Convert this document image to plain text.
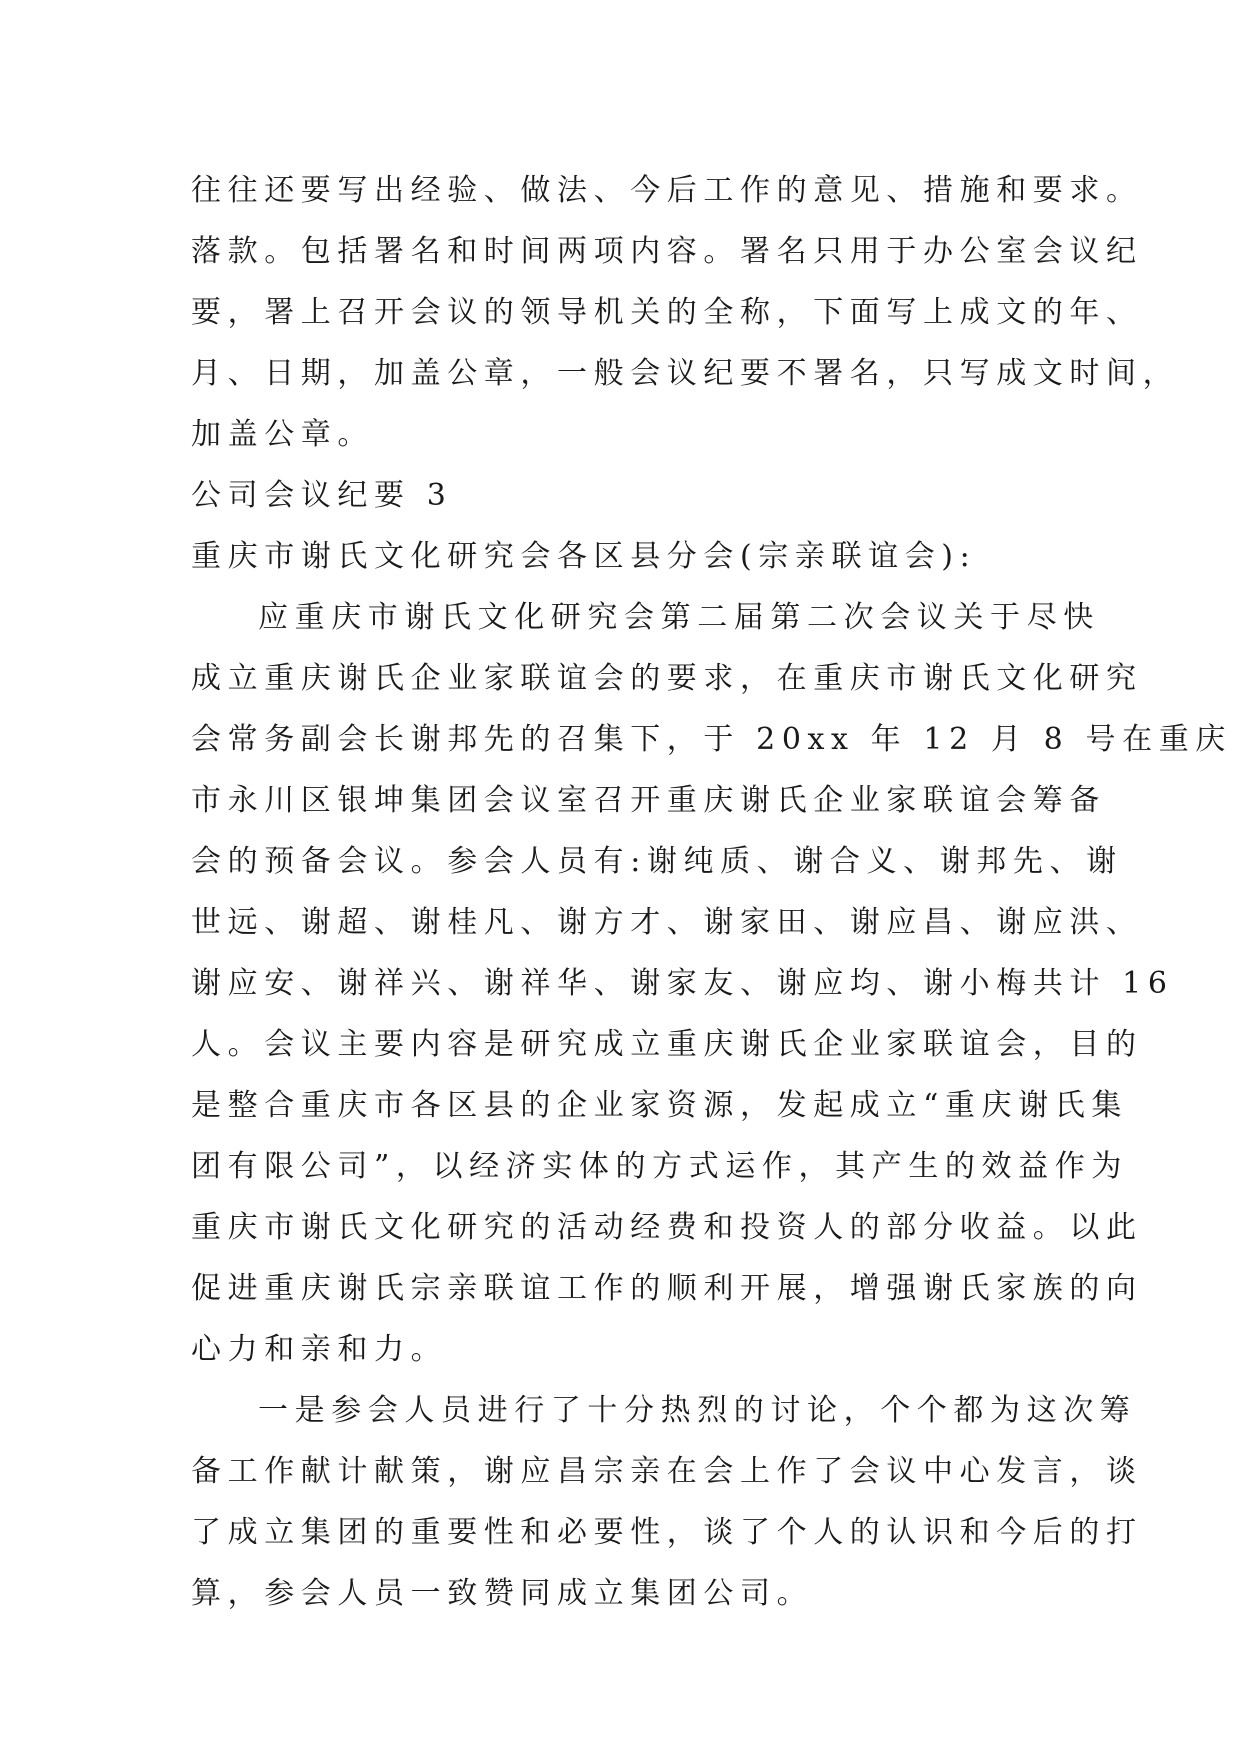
往往还要写出经验、做法、今后工作的意见、措施和要求。
落款。包括署名和时间两项内容。署名只用于办公室会议纪
要，署上召开会议的领导机关的全称，下面写上成文的年、
月、日期，加盖公章，一般会议纪要不署名，只写成文时间，
加盖公章。
公司会议纪要 3
重庆市谢氏文化研究会各区县分会(宗亲联谊会):
应重庆市谢氏文化研究会第二届第二次会议关于尽快
成立重庆谢氏企业家联谊会的要求，在重庆市谢氏文化研究
会常务副会长谢邦先的召集下，于 20xx 年 12 月 8 号在重庆
市永川区银坤集团会议室召开重庆谢氏企业家联谊会筹备
会的预备会议。参会人员有:谢纯质、谢合义、谢邦先、谢
世远、谢超、谢桂凡、谢方才、谢家田、谢应昌、谢应洪、
谢应安、谢祥兴、谢祥华、谢家友、谢应均、谢小梅共计 16
人。会议主要内容是研究成立重庆谢氏企业家联谊会，目的
是整合重庆市各区县的企业家资源，发起成立“重庆谢氏集
团有限公司”，以经济实体的方式运作，其产生的效益作为
重庆市谢氏文化研究的活动经费和投资人的部分收益。以此
促进重庆谢氏宗亲联谊工作的顺利开展，增强谢氏家族的向
心力和亲和力。
一是参会人员进行了十分热烈的讨论，个个都为这次筹
备工作献计献策，谢应昌宗亲在会上作了会议中心发言，谈
了成立集团的重要性和必要性，谈了个人的认识和今后的打
算，参会人员一致赞同成立集团公司。
